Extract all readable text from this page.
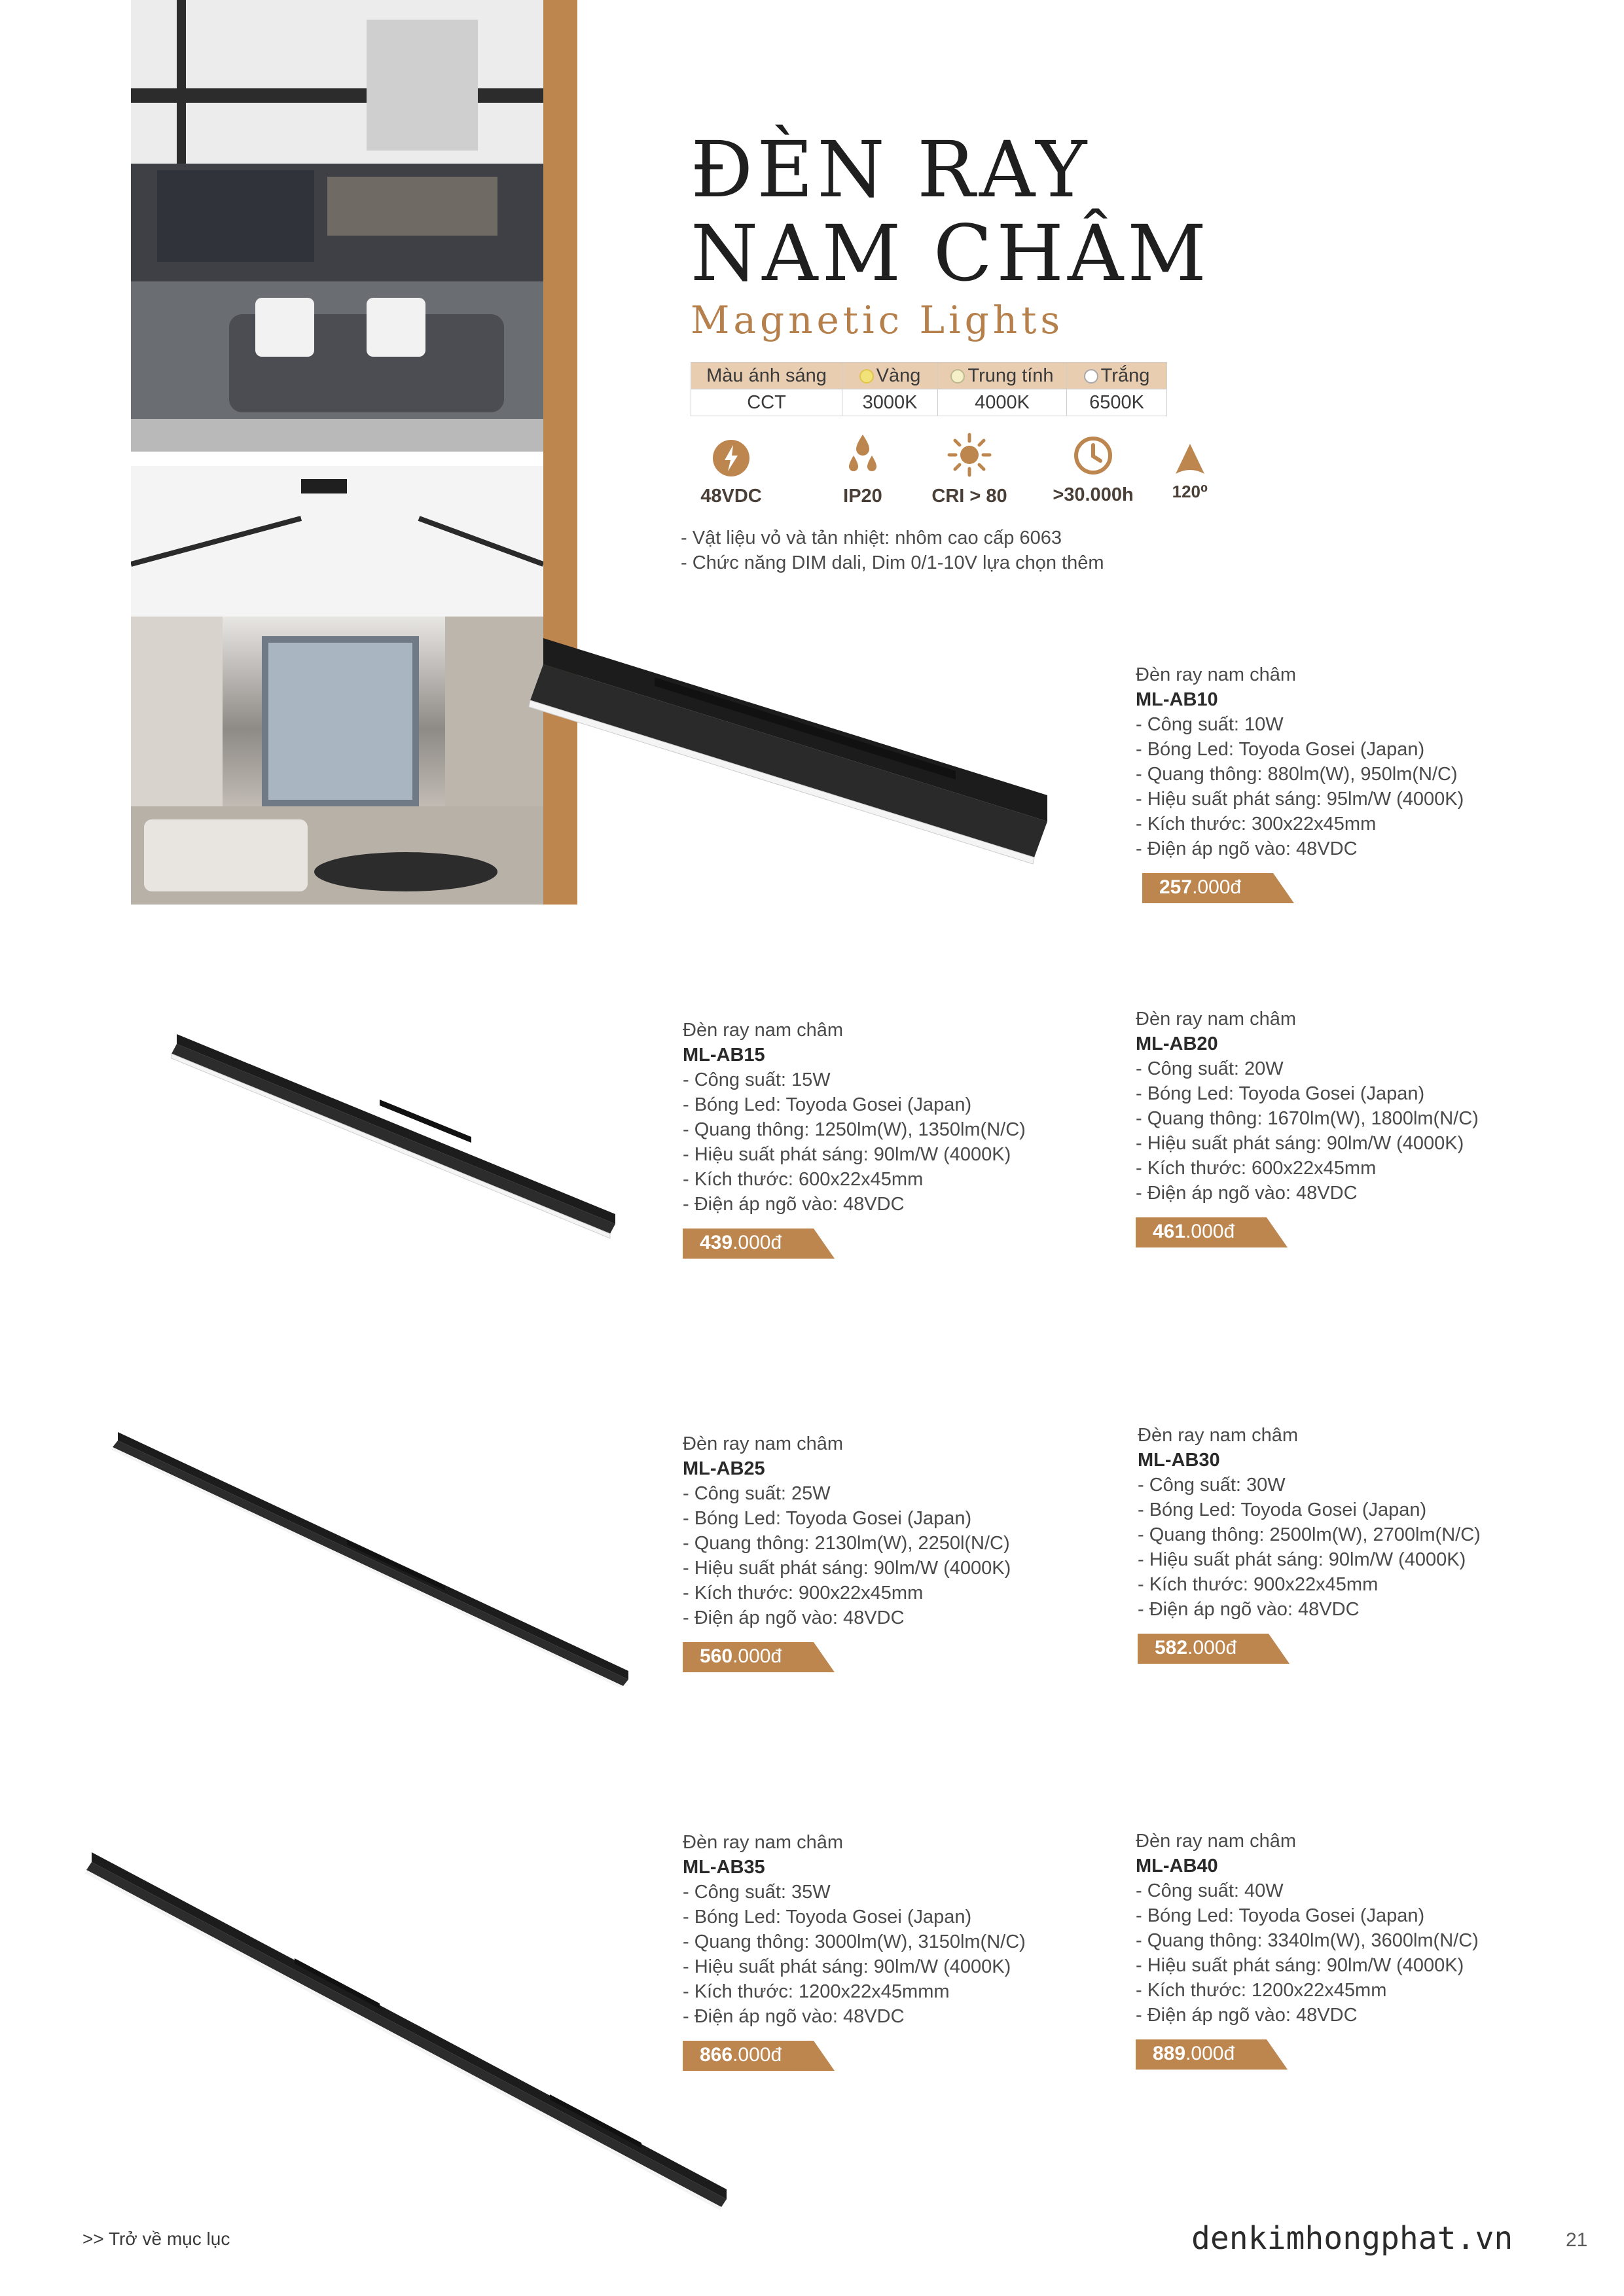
ĐÈN RAY
NAM CHÂM
Magnetic Lights
Màu ánh sáng	Vàng	Trung tính	Trắng
CCT	3000K	4000K	6500K
48VDC	IP20	CRI > 80	>30.000h	120⁰
- Vật liệu vỏ và tản nhiệt: nhôm cao cấp 6063
- Chức năng DIM dali, Dim 0/1-10V lựa chọn thêm
Đèn ray nam châm
ML-AB10
- Công suất: 10W
- Bóng Led: Toyoda Gosei (Japan)
- Quang thông: 880lm(W), 950lm(N/C)
- Hiệu suất phát sáng: 95lm/W (4000K)
- Kích thước: 300x22x45mm
- Điện áp ngõ vào: 48VDC
257.000đ
Đèn ray nam châm
ML-AB15
- Công suất: 15W
- Bóng Led: Toyoda Gosei (Japan)
- Quang thông: 1250lm(W), 1350lm(N/C)
- Hiệu suất phát sáng: 90lm/W (4000K)
- Kích thước: 600x22x45mm
- Điện áp ngõ vào: 48VDC
439.000đ
Đèn ray nam châm
ML-AB20
- Công suất: 20W
- Bóng Led: Toyoda Gosei (Japan)
- Quang thông: 1670lm(W), 1800lm(N/C)
- Hiệu suất phát sáng: 90lm/W (4000K)
- Kích thước: 600x22x45mm
- Điện áp ngõ vào: 48VDC
461.000đ
Đèn ray nam châm
ML-AB25
- Công suất: 25W
- Bóng Led: Toyoda Gosei (Japan)
- Quang thông: 2130lm(W), 2250l(N/C)
- Hiệu suất phát sáng: 90lm/W (4000K)
- Kích thước: 900x22x45mm
- Điện áp ngõ vào: 48VDC
560.000đ
Đèn ray nam châm
ML-AB30
- Công suất: 30W
- Bóng Led: Toyoda Gosei (Japan)
- Quang thông: 2500lm(W), 2700lm(N/C)
- Hiệu suất phát sáng: 90lm/W (4000K)
- Kích thước: 900x22x45mm
- Điện áp ngõ vào: 48VDC
582.000đ
Đèn ray nam châm
ML-AB35
- Công suất: 35W
- Bóng Led: Toyoda Gosei (Japan)
- Quang thông: 3000lm(W), 3150lm(N/C)
- Hiệu suất phát sáng: 90lm/W (4000K)
- Kích thước: 1200x22x45mmm
- Điện áp ngõ vào: 48VDC
866.000đ
Đèn ray nam châm
ML-AB40
- Công suất: 40W
- Bóng Led: Toyoda Gosei (Japan)
- Quang thông: 3340lm(W), 3600lm(N/C)
- Hiệu suất phát sáng: 90lm/W (4000K)
- Kích thước: 1200x22x45mm
- Điện áp ngõ vào: 48VDC
889.000đ
>> Trở về mục lục	denkimhongphat.vn	21
